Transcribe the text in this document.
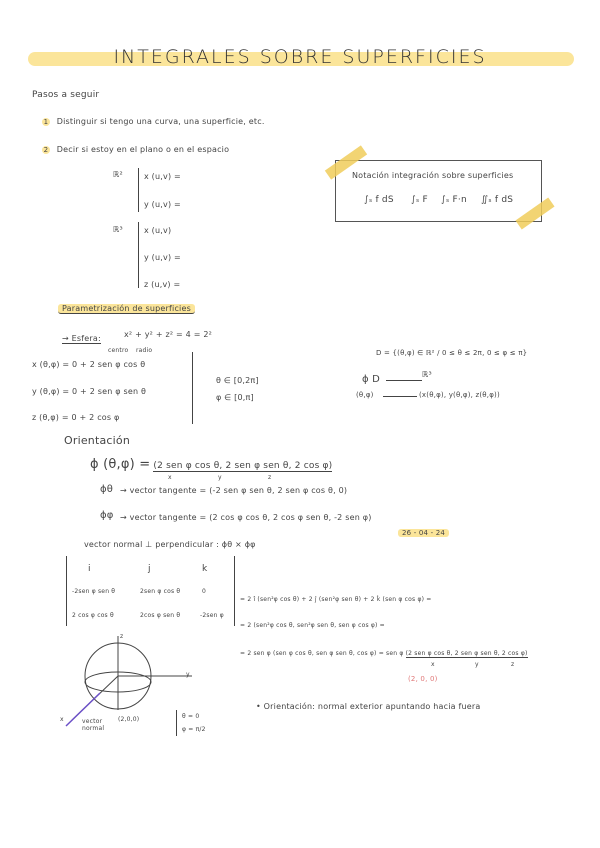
INTEGRALES SOBRE SUPERFICIES
Pasos a seguir
1 Distinguir si tengo una curva, una superficie, etc.
2 Decir si estoy en el plano o en el espacio
ℝ²	x (u,v) =
y (u,v) =
ℝ³	x (u,v)
y (u,v) =
z (u,v) =
Notación integración sobre superficies
∫ₛ f dS ∫ₛ F ∫ₛ F·n ∬ₛ f dS
Parametrización de superficies
→ Esfera:	x² + y² + z² = 4 = 2²
centro radio
x (θ,φ) = 0 + 2 sen φ cos θ
y (θ,φ) = 0 + 2 sen φ sen θ
z (θ,φ) = 0 + 2 cos φ
θ ∈ [0,2π]
φ ∈ [0,π]
D = {(θ,φ) ∈ ℝ² / 0 ≤ θ ≤ 2π, 0 ≤ φ ≤ π}
ϕ D	ℝ³
(θ,φ)	(x(θ,φ), y(θ,φ), z(θ,φ))
Orientación
ϕ (θ,φ) = (2 sen φ cos θ, 2 sen φ sen θ, 2 cos φ)
x	y	z
ϕθ → vector tangente = (-2 sen φ sen θ, 2 sen φ cos θ, 0)
ϕφ → vector tangente = (2 cos φ cos θ, 2 cos φ sen θ, -2 sen φ)
26 - 04 - 24
vector normal ⊥ perpendicular : ϕθ × ϕφ
i	j	k
-2sen φ sen θ	2sen φ cos θ	0
2 cos φ cos θ	2cos φ sen θ	-2sen φ
= 2 î (sen²φ cos θ) + 2 ĵ (sen²φ sen θ) + 2 k̂ (sen φ cos φ) =
= 2 (sen²φ cos θ, sen²φ sen θ, sen φ cos φ) =
= 2 sen φ (sen φ cos θ, sen φ sen θ, cos φ) = sen φ (2 sen φ cos θ, 2 sen φ sen θ, 2 cos φ)
x	y	z
(2, 0, 0)
• Orientación: normal exterior apuntando hacia fuera
z
y
x	vector normal
(2,0,0)	θ = 0
φ = π/2
